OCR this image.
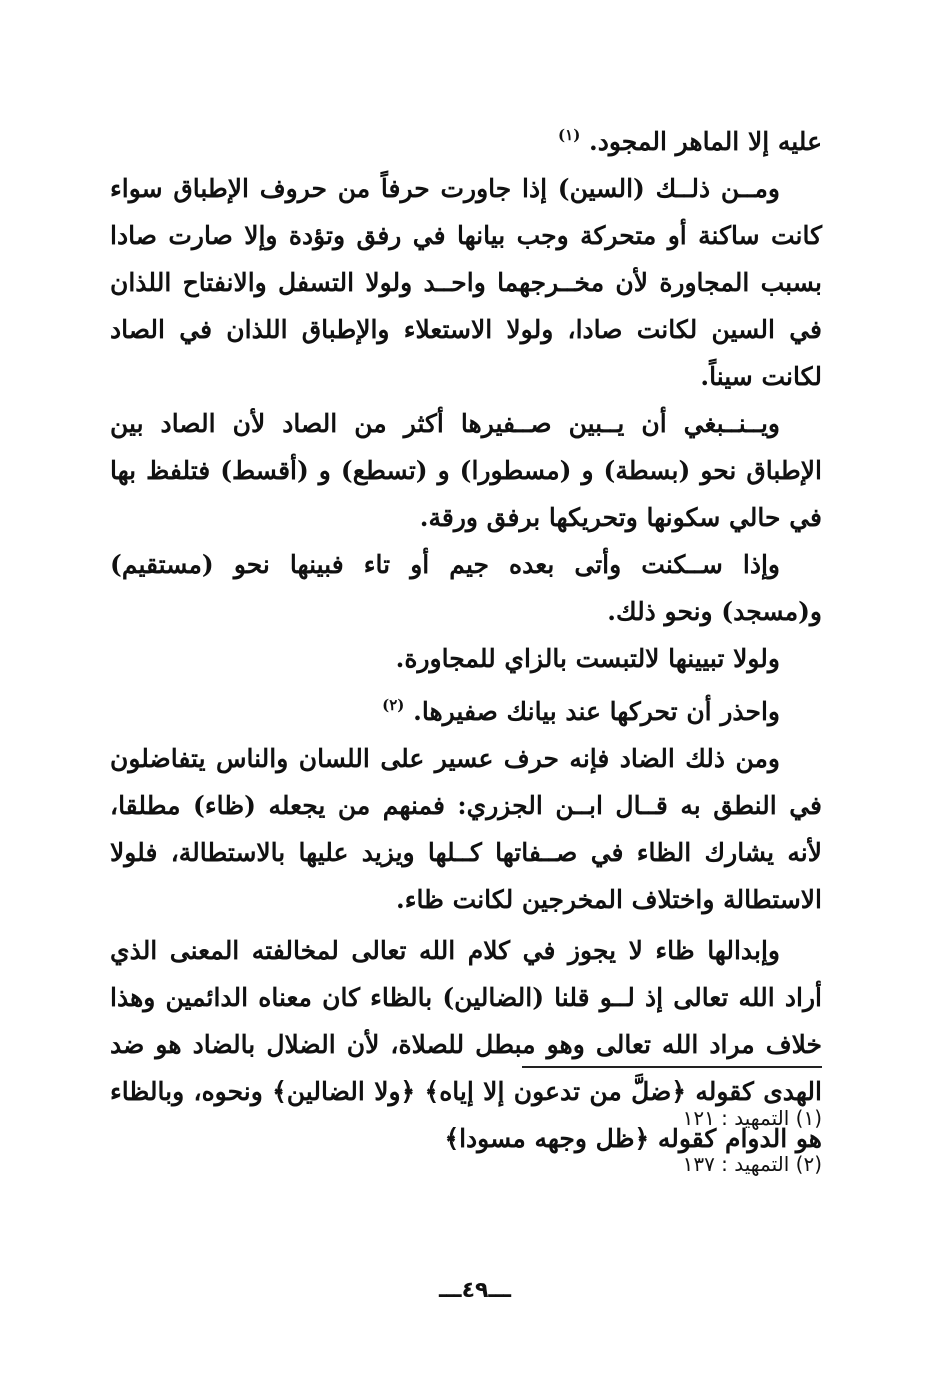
عليه إلا الماهر المجود. $^{(١)}$

ومــن ذلــك (السين) إذا جاورت حرفاً من حروف الإطباق سواء كانت ساكنة أو متحركة وجب بيانها في رفق وتؤدة وإلا صارت صادا بسبب المجاورة لأن مخــرجهما واحــد ولولا التسفل والانفتاح اللذان في السين لكانت صادا، ولولا الاستعلاء والإطباق اللذان في الصاد لكانت سيناً.

ويــنــبغي أن يــبين صــفيرها أكثر من الصاد لأن الصاد بين الإطباق نحو (بسطة) و (مسطورا) و (تسطع) و (أقسط) فتلفظ بها في حالي سكونها وتحريكها برفق ورقة.

وإذا ســكنت وأتى بعده جيم أو تاء فبينها نحو (مستقيم) و(مسجد) ونحو ذلك.

ولولا تبيينها لالتبست بالزاي للمجاورة.

واحذر أن تحركها عند بيانك صفيرها. $^{(٢)}$

ومن ذلك الضاد فإنه حرف عسير على اللسان والناس يتفاضلون في النطق به قــال ابــن الجزري: فمنهم من يجعله (ظاء) مطلقا، لأنه يشارك الظاء في صــفاتها كــلها ويزيد عليها بالاستطالة، فلولا الاستطالة واختلاف المخرجين لكانت ظاء.

وإبدالها ظاء لا يجوز في كلام الله تعالى لمخالفته المعنى الذي أراد الله تعالى إذ لــو قلنا (الضالين) بالظاء كان معناه الدائمين وهذا خلاف مراد الله تعالى وهو مبطل للصلاة، لأن الضلال بالضاد هو ضد الهدى كقوله ﴿ضلَّ من تدعون إلا إياه﴾ ﴿ولا الضالين﴾ ونحوه، وبالظاء هو الدوام كقوله ﴿ظل وجهه مسودا﴾

(١) التمهيد : ١٢١

(٢) التمهيد : ١٣٧

ـــ٤٩ـــ
